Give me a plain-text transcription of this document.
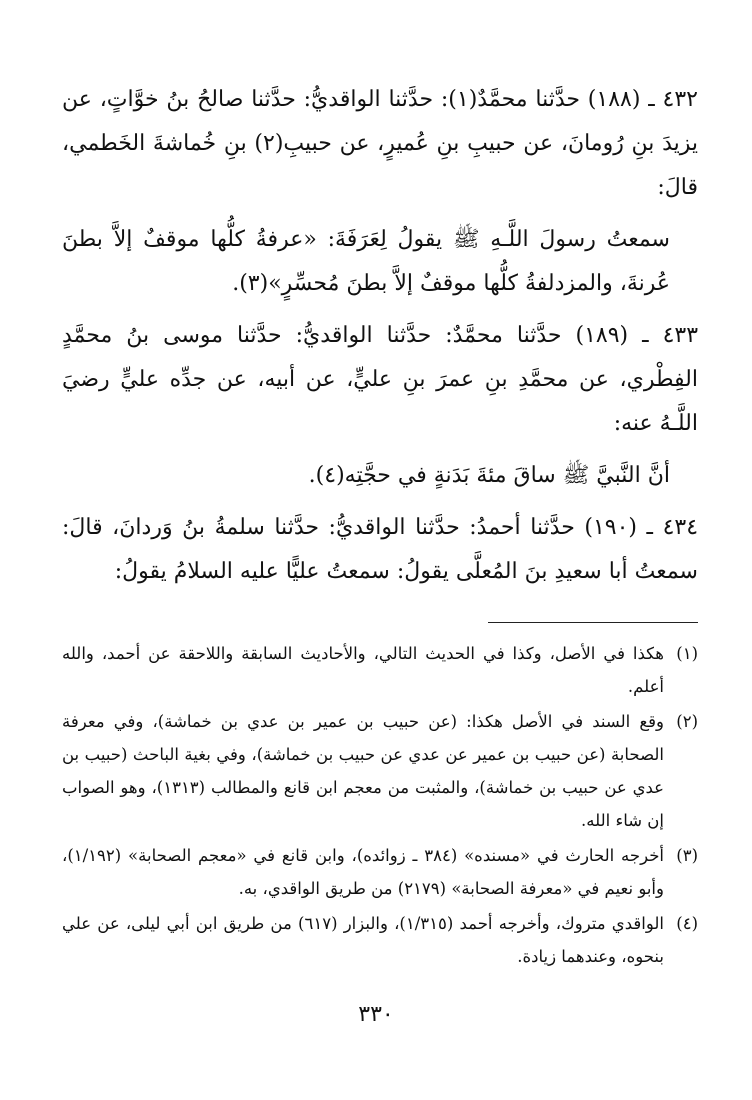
٤٣٢ ـ (١٨٨) حدَّثنا محمَّدٌ(١): حدَّثنا الواقديُّ: حدَّثنا صالحُ بنُ خوَّاتٍ، عن يزيدَ بنِ رُومانَ، عن حبيبِ بنِ عُميرٍ، عن حبيبِ(٢) بنِ خُماشةَ الخَطمي، قالَ:

سمعتُ رسولَ اللَّـهِ ﷺ يقولُ لِعَرَفَةَ: «عرفةُ كلُّها موقفٌ إلاَّ بطنَ عُرنةَ، والمزدلفةُ كلُّها موقفٌ إلاَّ بطنَ مُحسِّرٍ»(٣).

٤٣٣ ـ (١٨٩) حدَّثنا محمَّدٌ: حدَّثنا الواقديُّ: حدَّثنا موسى بنُ محمَّدٍ الفِطْري، عن محمَّدِ بنِ عمرَ بنِ عليٍّ، عن أبيه، عن جدِّه عليٍّ رضيَ اللَّـهُ عنه:

أنَّ النَّبيَّ ﷺ ساقَ مئةَ بَدَنةٍ في حجَّتِه(٤).

٤٣٤ ـ (١٩٠) حدَّثنا أحمدُ: حدَّثنا الواقديُّ: حدَّثنا سلمةُ بنُ وَردانَ، قالَ: سمعتُ أبا سعيدِ بنَ المُعلَّى يقولُ: سمعتُ عليًّا عليه السلامُ يقولُ:

(١)
هكذا في الأصل، وكذا في الحديث التالي، والأحاديث السابقة واللاحقة عن أحمد، والله أعلم.
(٢)
وقع السند في الأصل هكذا: (عن حبيب بن عمير بن عدي بن خماشة)، وفي معرفة الصحابة (عن حبيب بن عمير عن عدي عن حبيب بن خماشة)، وفي بغية الباحث (حبيب بن عدي عن حبيب بن خماشة)، والمثبت من معجم ابن قانع والمطالب (١٣١٣)، وهو الصواب إن شاء الله.
(٣)
أخرجه الحارث في «مسنده» (٣٨٤ ـ زوائده)، وابن قانع في «معجم الصحابة» (١/١٩٢)، وأبو نعيم في «معرفة الصحابة» (٢١٧٩) من طريق الواقدي، به.
(٤)
الواقدي متروك، وأخرجه أحمد (١/٣١٥)، والبزار (٦١٧) من طريق ابن أبي ليلى، عن علي بنحوه، وعندهما زيادة.
٣٣٠
